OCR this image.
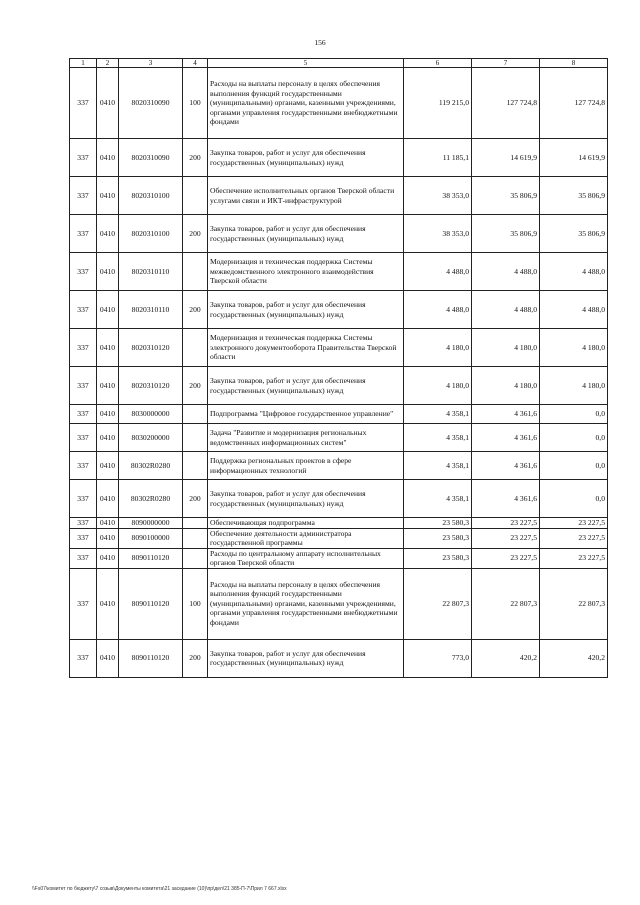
156
1	2	3	4	5	6	7	8
337	0410	8020310090	100	Расходы на выплаты персоналу в целях обеспечения выполнения функций государственными (муниципальными) органами, казенными учреждениями, органами управления государственными внебюджетными фондами	119 215,0	127 724,8	127 724,8
337	0410	8020310090	200	Закупка товаров, работ и услуг для обеспечения государственных (муниципальных) нужд	11 185,1	14 619,9	14 619,9
337	0410	8020310100		Обеспечение исполнительных органов Тверской области услугами связи и ИКТ-инфраструктурой	38 353,0	35 806,9	35 806,9
337	0410	8020310100	200	Закупка товаров, работ и услуг для обеспечения государственных (муниципальных) нужд	38 353,0	35 806,9	35 806,9
337	0410	8020310110		Модернизация и техническая поддержка Системы межведомственного электронного взаимодействия Тверской области	4 488,0	4 488,0	4 488,0
337	0410	8020310110	200	Закупка товаров, работ и услуг для обеспечения государственных (муниципальных) нужд	4 488,0	4 488,0	4 488,0
337	0410	8020310120		Модернизация и техническая поддержка Системы электронного документооборота Правительства Тверской области	4 180,0	4 180,0	4 180,0
337	0410	8020310120	200	Закупка товаров, работ и услуг для обеспечения государственных (муниципальных) нужд	4 180,0	4 180,0	4 180,0
337	0410	8030000000		Подпрограмма "Цифровое государственное управление"	4 358,1	4 361,6	0,0
337	0410	8030200000		Задача "Развитие и модернизация региональных ведомственных информационных систем"	4 358,1	4 361,6	0,0
337	0410	80302R0280		Поддержка региональных проектов в сфере информационных технологий	4 358,1	4 361,6	0,0
337	0410	80302R0280	200	Закупка товаров, работ и услуг для обеспечения государственных (муниципальных) нужд	4 358,1	4 361,6	0,0
337	0410	8090000000		Обеспечивающая подпрограмма	23 580,3	23 227,5	23 227,5
337	0410	8090100000		Обеспечение деятельности администратора государственной программы	23 580,3	23 227,5	23 227,5
337	0410	8090110120		Расходы по центральному аппарату исполнительных органов Тверской области	23 580,3	23 227,5	23 227,5
337	0410	8090110120	100	Расходы на выплаты персоналу в целях обеспечения выполнения функций государственными (муниципальными) органами, казенными учреждениями, органами управления государственными внебюджетными фондами	22 807,3	22 807,3	22 807,3
337	0410	8090110120	200	Закупка товаров, работ и услуг для обеспечения государственных (муниципальных) нужд	773,0	420,2	420,2
\\Fs07\комитет по бюджету\7 созыв\Документы комитета\21 заседание (10)\пр\дел\21 385-П-7\Прил 7 667.xlsx
